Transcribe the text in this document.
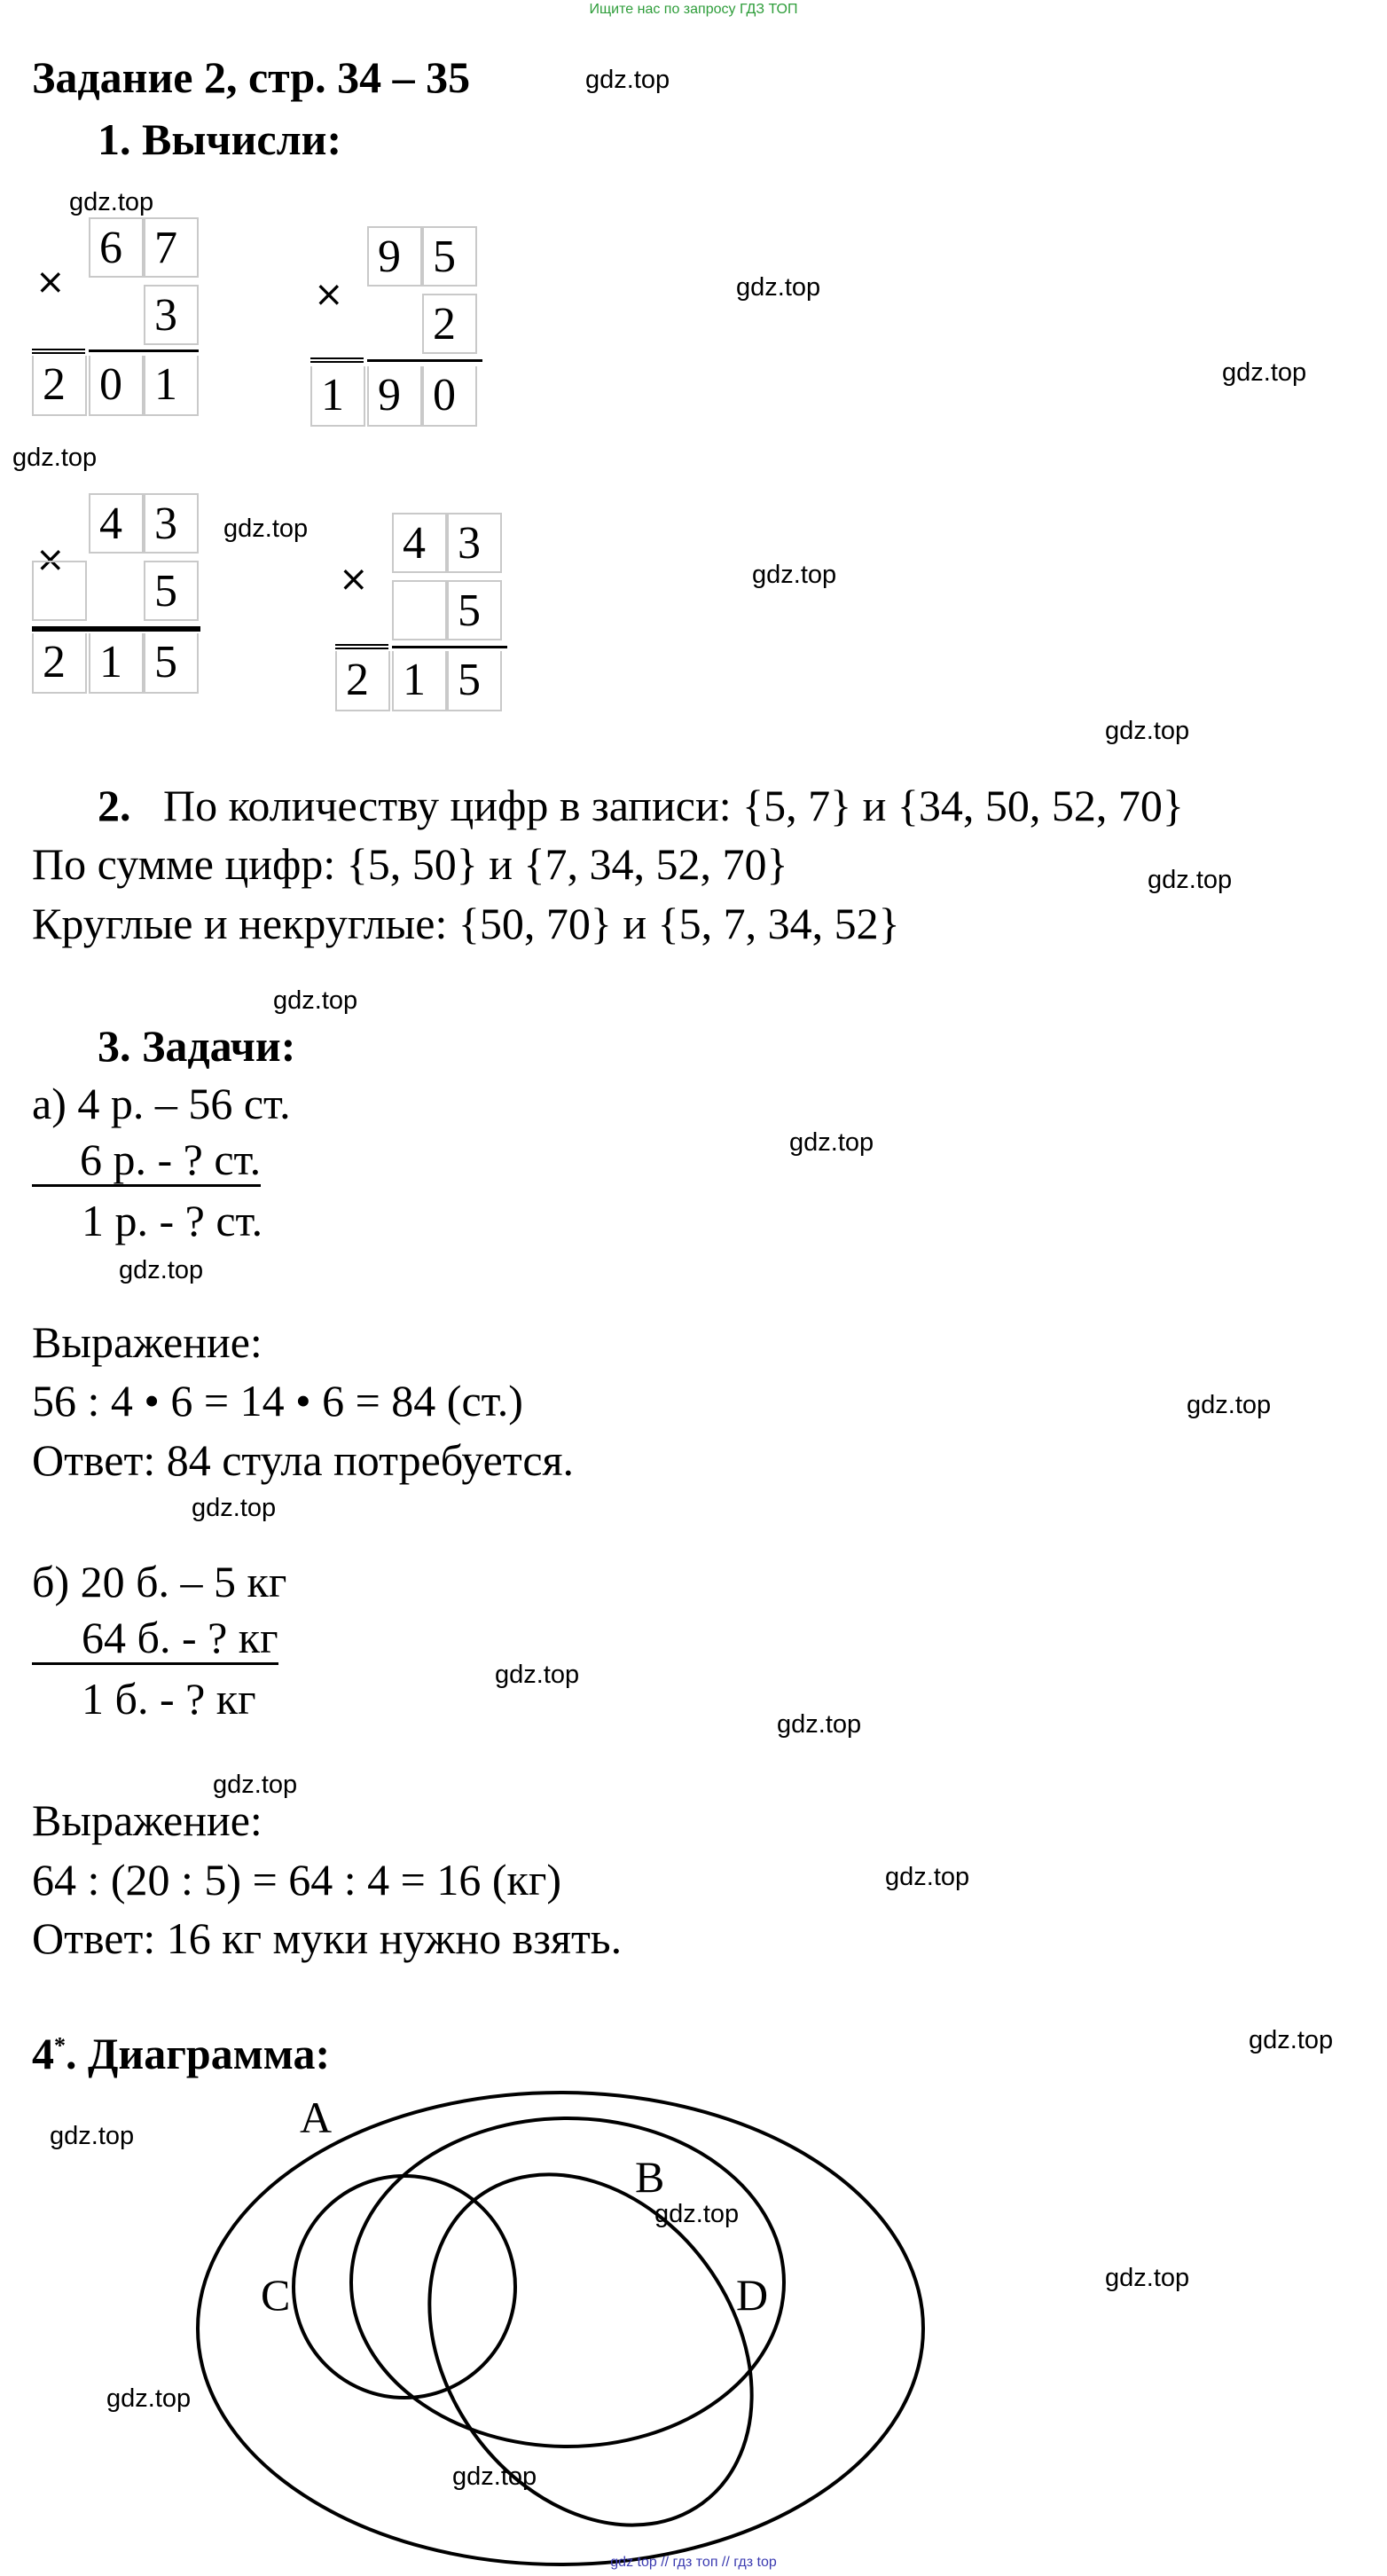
Ищите нас по запросу ГДЗ ТОП
Задание 2, стр. 34 – 35
1. Вычисли:
×
6 7
3
2 0 1
×
9 5
2
1 9 0
×
4 3
5
2 1 5
×
4 3
5
2 1 5
2. По количеству цифр в записи: {5, 7} и {34, 50, 52, 70}
По сумме цифр: {5, 50} и {7, 34, 52, 70}
Круглые и некруглые: {50, 70} и {5, 7, 34, 52}
3. Задачи:
а) 4 р. – 56 ст.
6 р. - ? ст.
1 р. - ? ст.
Выражение:
56 : 4 • 6 = 14 • 6 = 84 (ст.)
Ответ: 84 стула потребуется.
б) 20 б. – 5 кг
64 б. - ? кг
1 б. - ? кг
Выражение:
64 : (20 : 5) = 64 : 4 = 16 (кг)
Ответ: 16 кг муки нужно взять.
4*. Диаграмма:
A
B
C	D
gdz.top
gdz.top
gdz.top
gdz.top
gdz.top
gdz.top
gdz.top
gdz.top
gdz.top
gdz.top
gdz.top
gdz.top
gdz.top
gdz.top
gdz.top
gdz.top
gdz.top
gdz.top
gdz.top
gdz.top
gdz.top
gdz.top
gdz.top
gdz.top
gdz top // гдз топ // гдз top
